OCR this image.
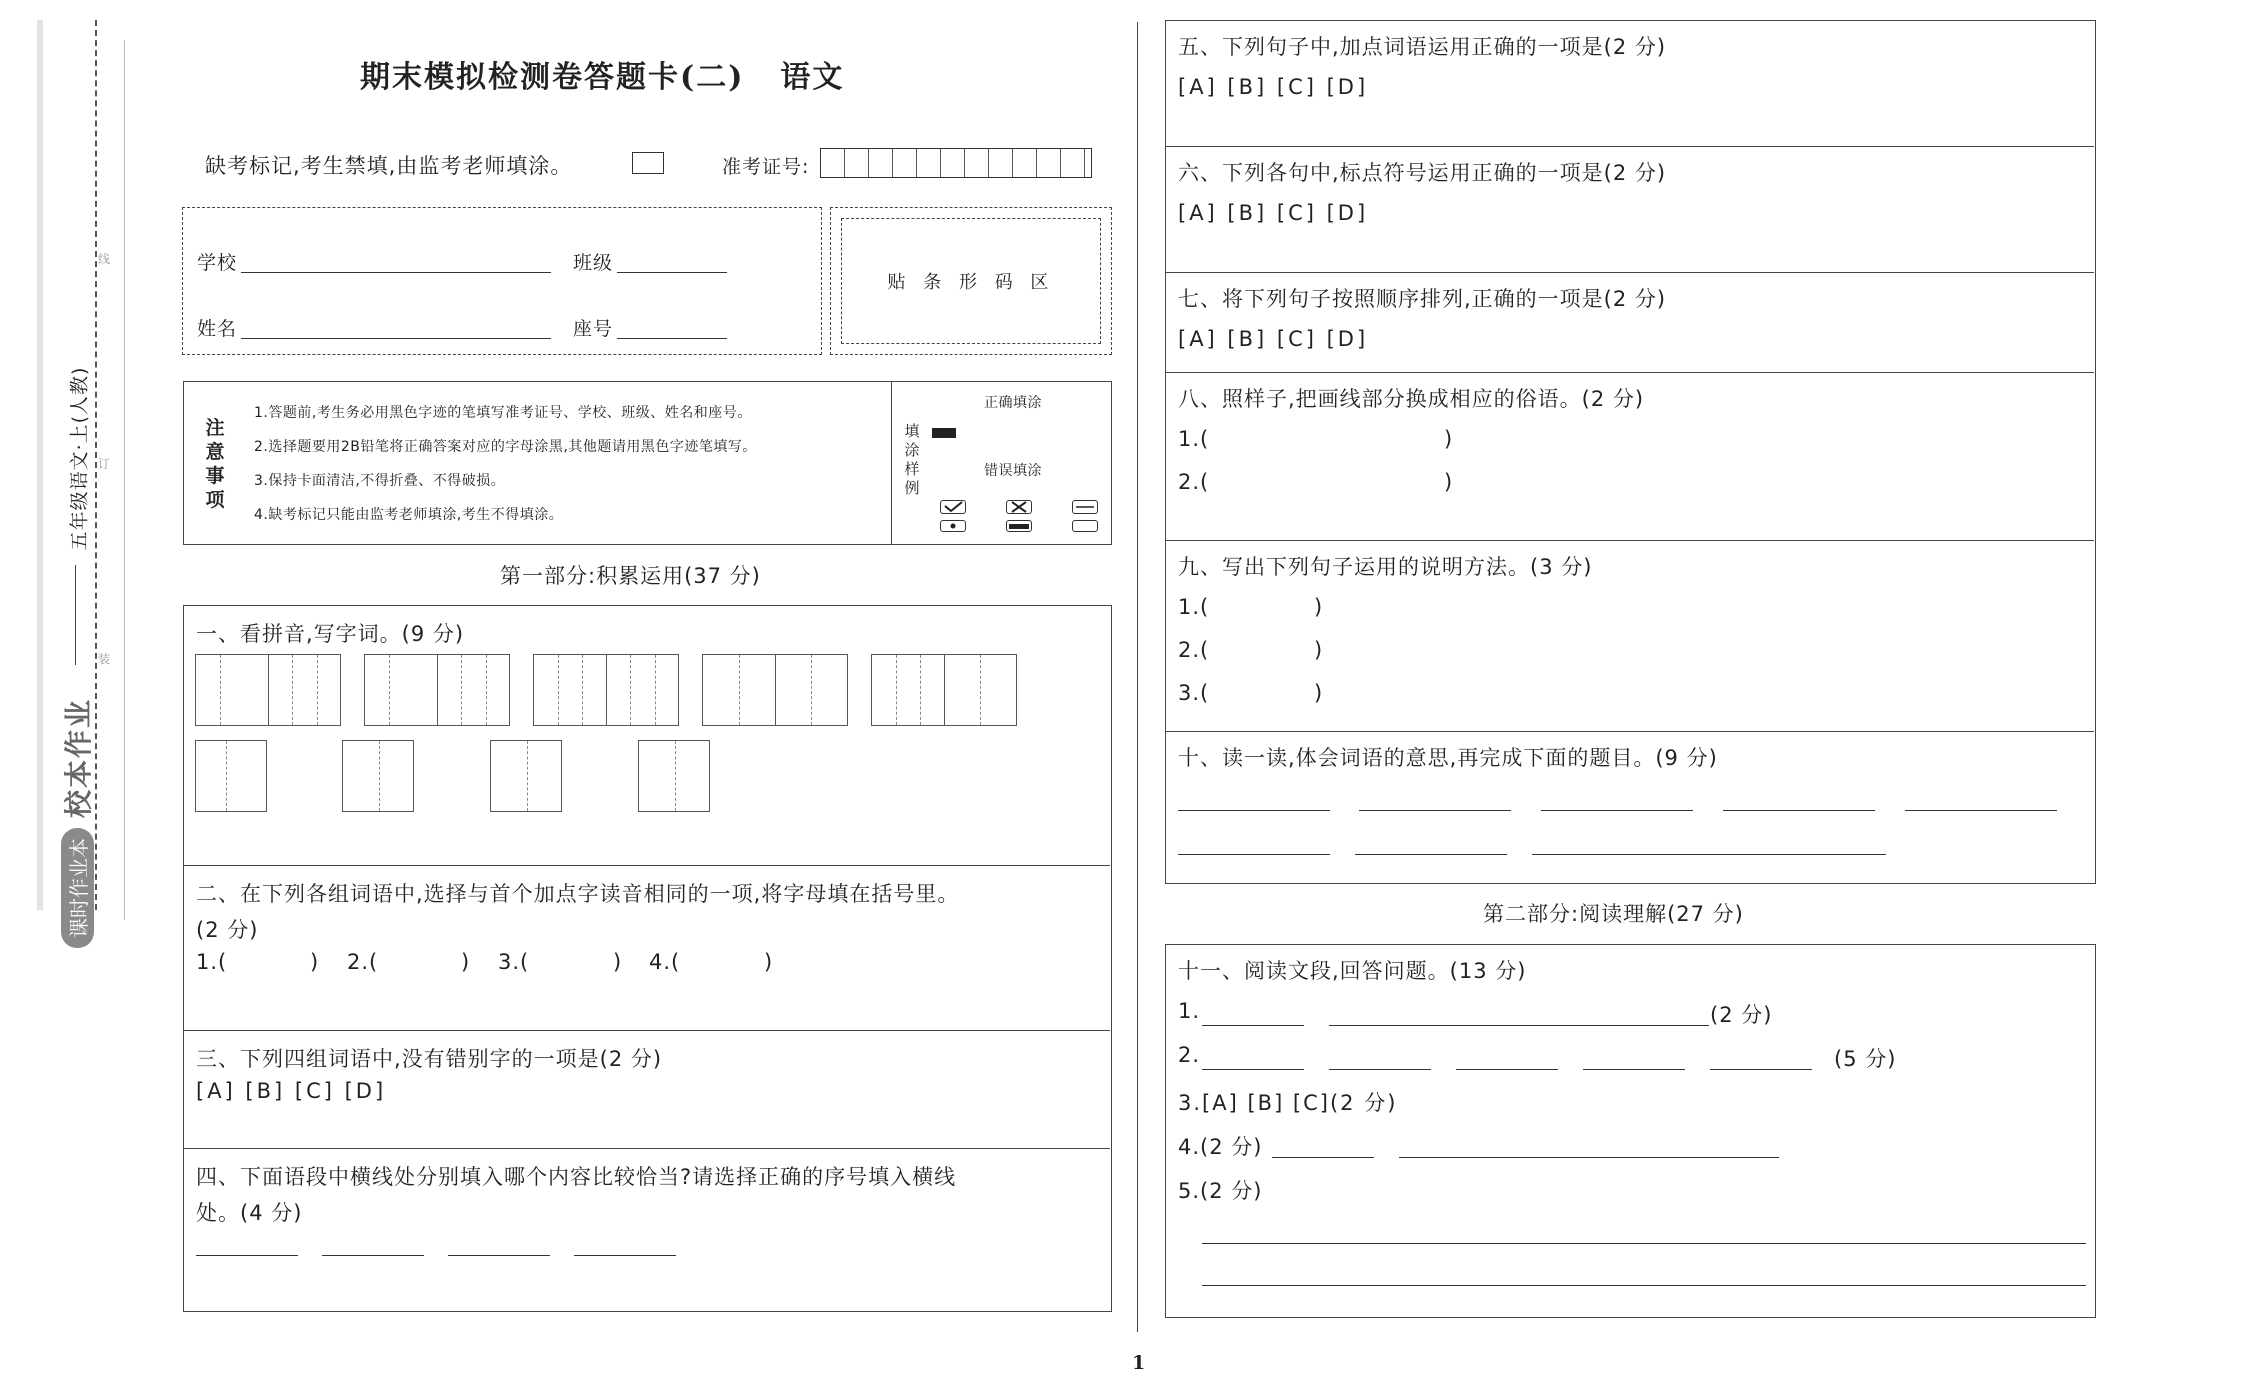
线
订
装
五年级语文·上(人教)
课时作业本
校本作业
期末模拟检测卷答题卡(二) 语文
缺考标记,考生禁填,由监考老师填涂。	准考证号:
学校	班级
姓名	座号
贴 条 形 码 区
注
意
事
项
1.答题前,考生务必用黑色字迹的笔填写准考证号、学校、班级、姓名和座号。
2.选择题要用2B铅笔将正确答案对应的字母涂黑,其他题请用黑色字迹笔填写。
3.保持卡面清洁,不得折叠、不得破损。
4.缺考标记只能由监考老师填涂,考生不得填涂。
填
涂
样
例
正确填涂
错误填涂
第一部分:积累运用(37 分)
一、看拼音,写字词。(9 分)
二、在下列各组词语中,选择与首个加点字读音相同的一项,将字母填在括号里。
(2 分)
1.(	) 2.(	) 3.(	) 4.(	)
三、下列四组词语中,没有错别字的一项是(2 分)
[A] [B] [C] [D]
四、下面语段中横线处分别填入哪个内容比较恰当?请选择正确的序号填入横线
处。(4 分)
五、下列句子中,加点词语运用正确的一项是(2 分)
[A] [B] [C] [D]
六、下列各句中,标点符号运用正确的一项是(2 分)
[A] [B] [C] [D]
七、将下列句子按照顺序排列,正确的一项是(2 分)
[A] [B] [C] [D]
八、照样子,把画线部分换成相应的俗语。(2 分)
1.(	)
2.(	)
九、写出下列句子运用的说明方法。(3 分)
1.(	)
2.(	)
3.(	)
十、读一读,体会词语的意思,再完成下面的题目。(9 分)
第二部分:阅读理解(27 分)
十一、阅读文段,回答问题。(13 分)
1.	(2 分)
2.	(5 分)
3.[A] [B] [C](2 分)
4.(2 分)
5.(2 分)
1
